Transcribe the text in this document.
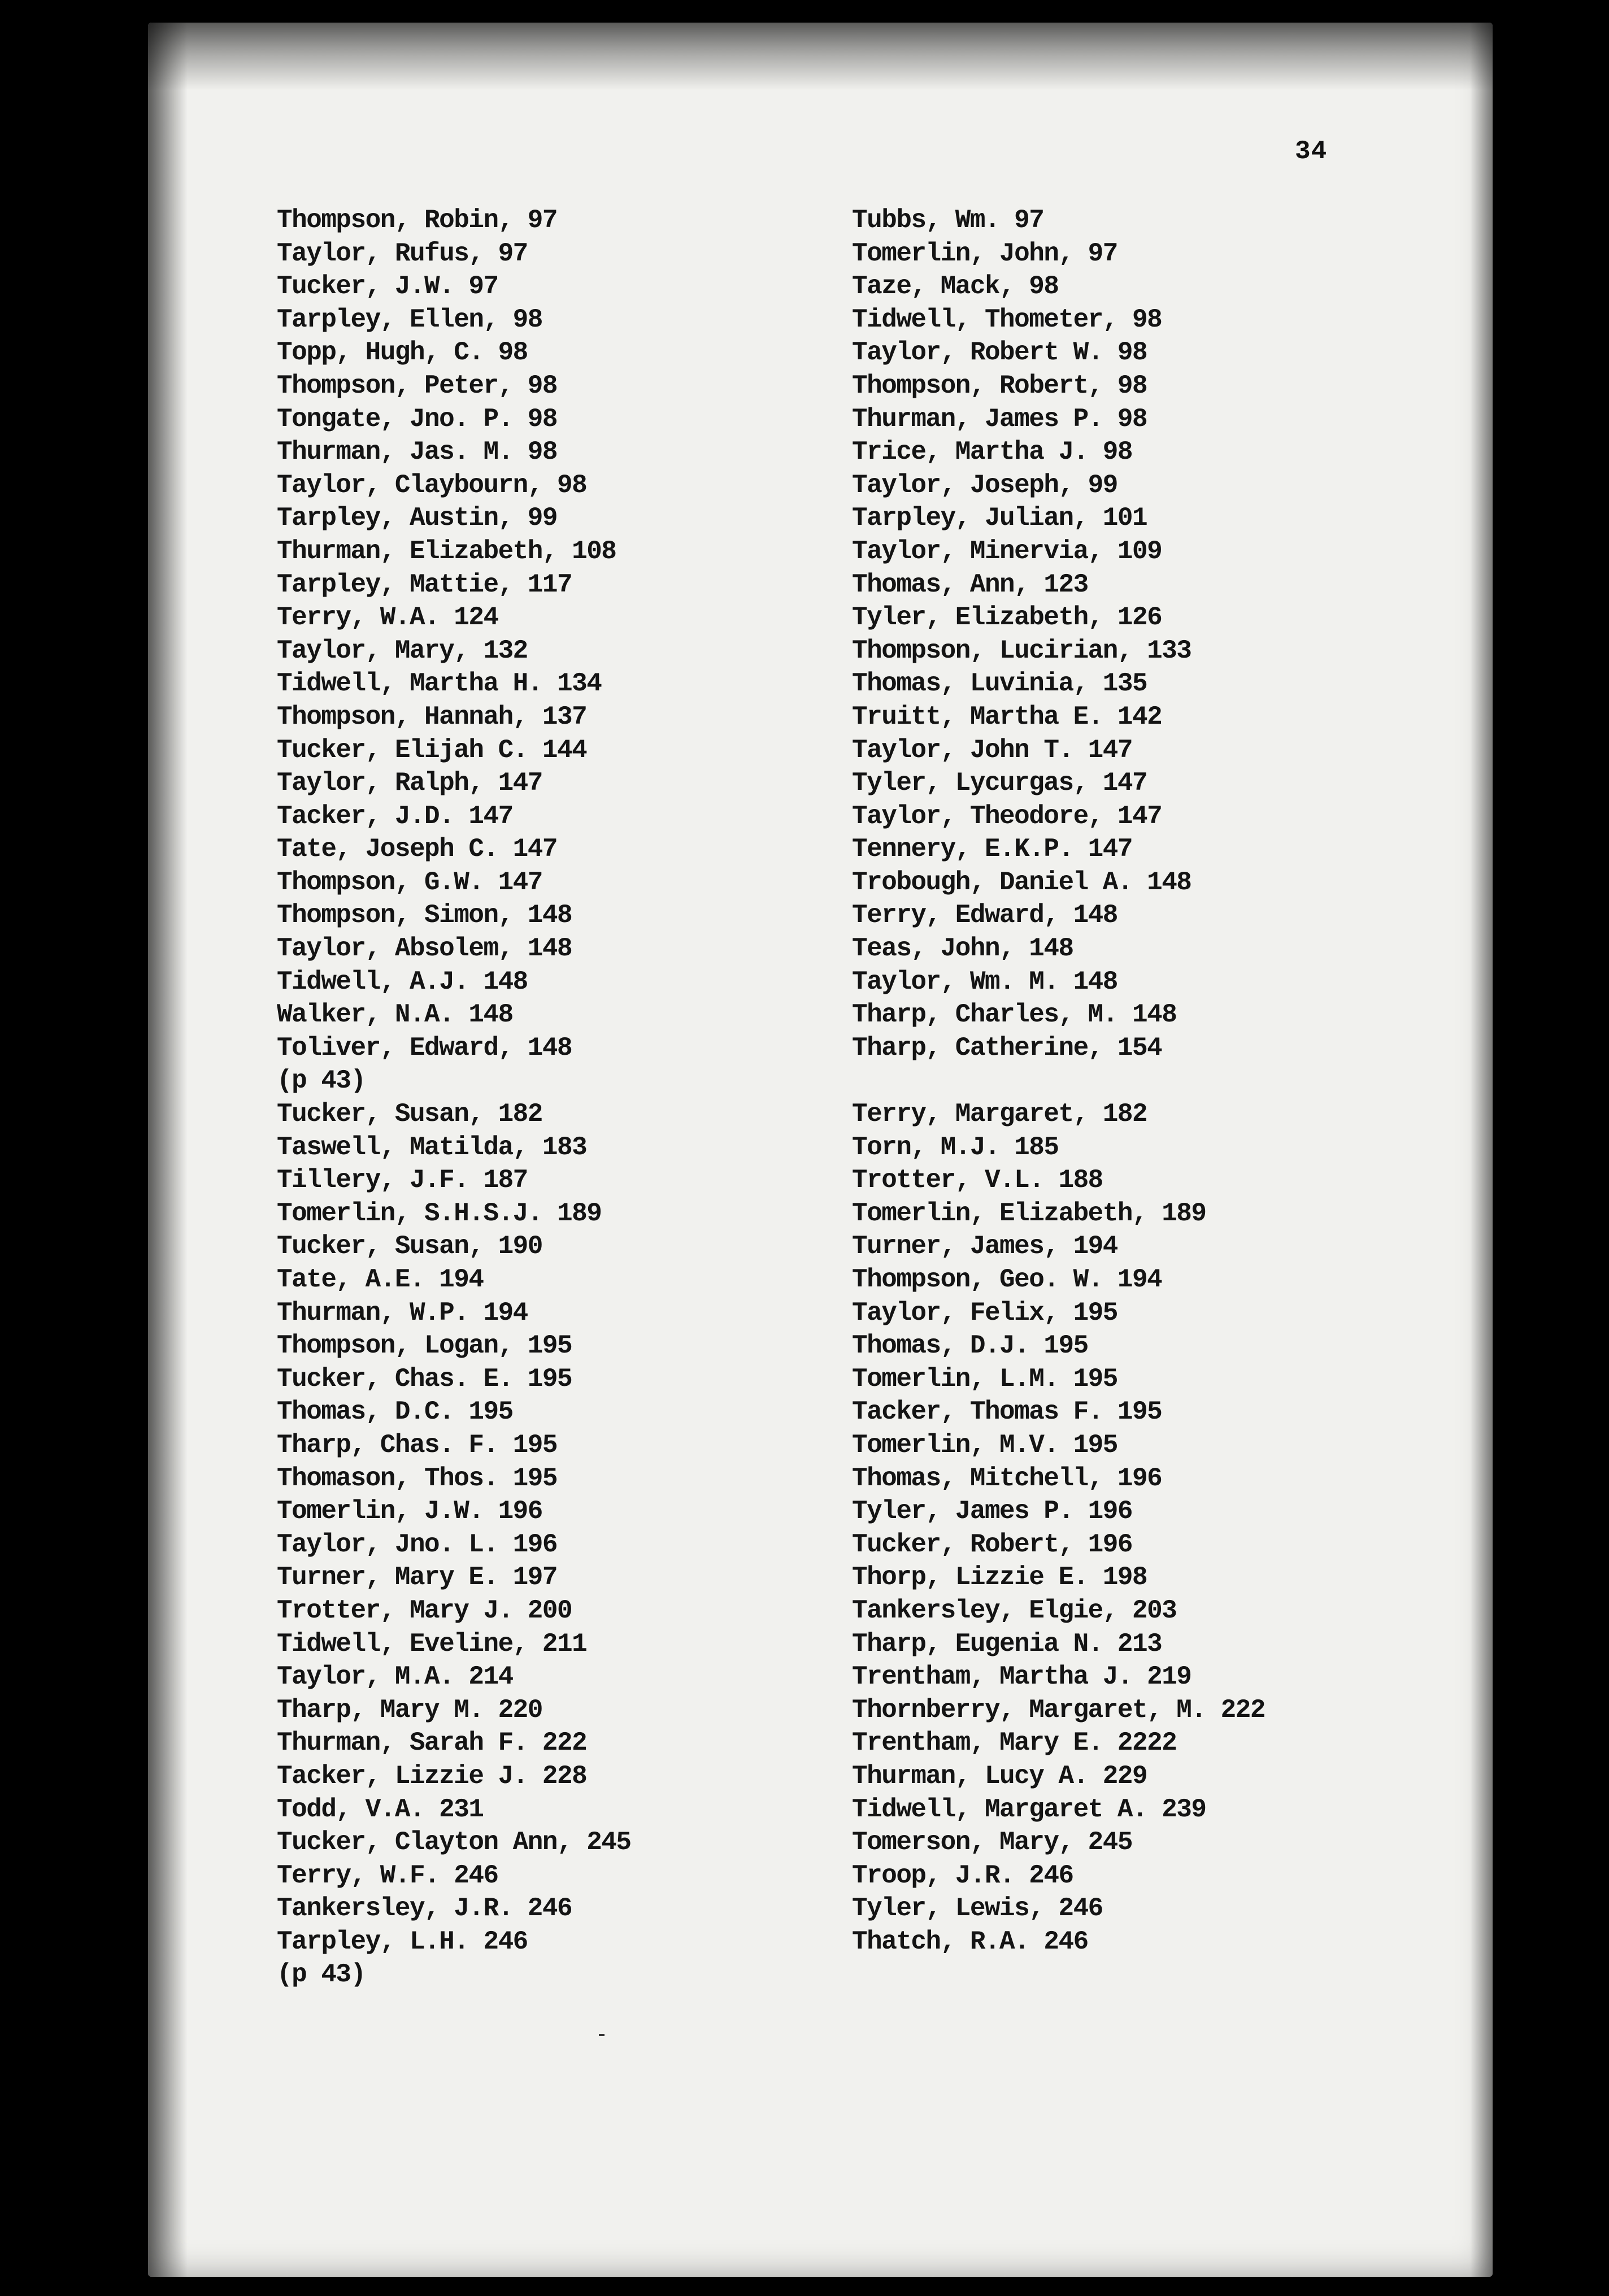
34
Thompson, Robin, 97
Taylor, Rufus, 97
Tucker, J.W. 97
Tarpley, Ellen, 98
Topp, Hugh, C. 98
Thompson, Peter, 98
Tongate, Jno. P. 98
Thurman, Jas. M. 98
Taylor, Claybourn, 98
Tarpley, Austin, 99
Thurman, Elizabeth, 108
Tarpley, Mattie, 117
Terry, W.A. 124
Taylor, Mary, 132
Tidwell, Martha H. 134
Thompson, Hannah, 137
Tucker, Elijah C. 144
Taylor, Ralph, 147
Tacker, J.D. 147
Tate, Joseph C. 147
Thompson, G.W. 147
Thompson, Simon, 148
Taylor, Absolem, 148
Tidwell, A.J. 148
Walker, N.A. 148
Toliver, Edward, 148
(p 43)
Tucker, Susan, 182
Taswell, Matilda, 183
Tillery, J.F. 187
Tomerlin, S.H.S.J. 189
Tucker, Susan, 190
Tate, A.E. 194
Thurman, W.P. 194
Thompson, Logan, 195
Tucker, Chas. E. 195
Thomas, D.C. 195
Tharp, Chas. F. 195
Thomason, Thos. 195
Tomerlin, J.W. 196
Taylor, Jno. L. 196
Turner, Mary E. 197
Trotter, Mary J. 200
Tidwell, Eveline, 211
Taylor, M.A. 214
Tharp, Mary M. 220
Thurman, Sarah F. 222
Tacker, Lizzie J. 228
Todd, V.A. 231
Tucker, Clayton Ann, 245
Terry, W.F. 246
Tankersley, J.R. 246
Tarpley, L.H. 246
(p 43)
Tubbs, Wm. 97
Tomerlin, John, 97
Taze, Mack, 98
Tidwell, Thometer, 98
Taylor, Robert W. 98
Thompson, Robert, 98
Thurman, James P. 98
Trice, Martha J. 98
Taylor, Joseph, 99
Tarpley, Julian, 101
Taylor, Minervia, 109
Thomas, Ann, 123
Tyler, Elizabeth, 126
Thompson, Lucirian, 133
Thomas, Luvinia, 135
Truitt, Martha E. 142
Taylor, John T. 147
Tyler, Lycurgas, 147
Taylor, Theodore, 147
Tennery, E.K.P. 147
Trobough, Daniel A. 148
Terry, Edward, 148
Teas, John, 148
Taylor, Wm. M. 148
Tharp, Charles, M. 148
Tharp, Catherine, 154
Terry, Margaret, 182
Torn, M.J. 185
Trotter, V.L. 188
Tomerlin, Elizabeth, 189
Turner, James, 194
Thompson, Geo. W. 194
Taylor, Felix, 195
Thomas, D.J. 195
Tomerlin, L.M. 195
Tacker, Thomas F. 195
Tomerlin, M.V. 195
Thomas, Mitchell, 196
Tyler, James P. 196
Tucker, Robert, 196
Thorp, Lizzie E. 198
Tankersley, Elgie, 203
Tharp, Eugenia N. 213
Trentham, Martha J. 219
Thornberry, Margaret, M. 222
Trentham, Mary E. 2222
Thurman, Lucy A. 229
Tidwell, Margaret A. 239
Tomerson, Mary, 245
Troop, J.R. 246
Tyler, Lewis, 246
Thatch, R.A. 246
